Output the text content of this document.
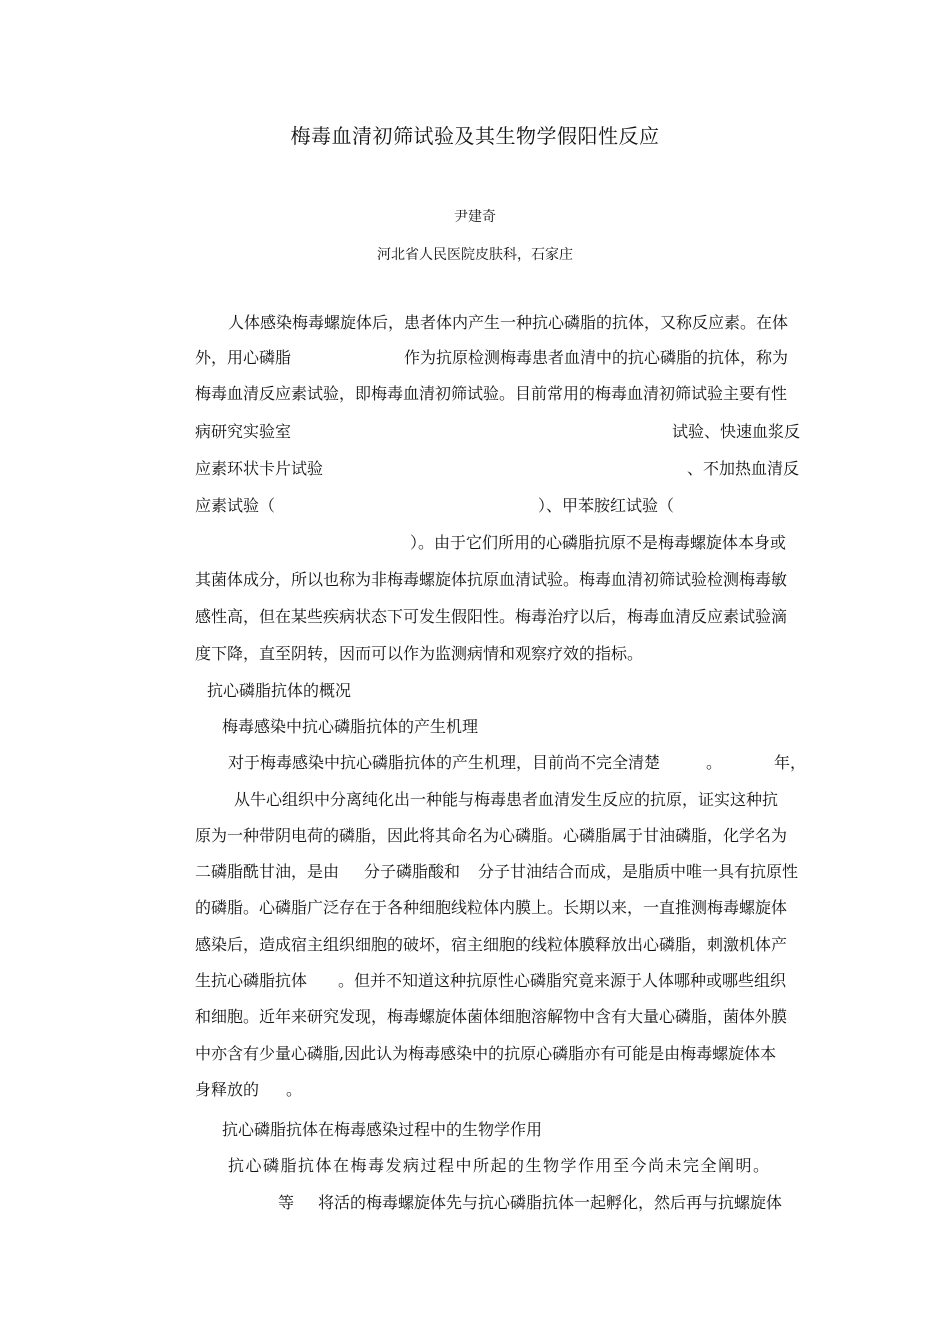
梅毒血清初筛试验及其生物学假阳性反应
尹建奇
河北省人民医院皮肤科，石家庄
人体感染梅毒螺旋体后，患者体内产生一种抗心磷脂的抗体，又称反应素。在体
外，用心磷脂	作为抗原检测梅毒患者血清中的抗心磷脂的抗体，称为
梅毒血清反应素试验，即梅毒血清初筛试验。目前常用的梅毒血清初筛试验主要有性
病研究实验室	试验、快速血浆反
应素环状卡片试验	、不加热血清反
应素试验（	）、甲苯胺红试验（
）。由于它们所用的心磷脂抗原不是梅毒螺旋体本身或
其菌体成分，所以也称为非梅毒螺旋体抗原血清试验。梅毒血清初筛试验检测梅毒敏
感性高，但在某些疾病状态下可发生假阳性。梅毒治疗以后，梅毒血清反应素试验滴
度下降，直至阴转，因而可以作为监测病情和观察疗效的指标。
抗心磷脂抗体的概况
梅毒感染中抗心磷脂抗体的产生机理
对于梅毒感染中抗心磷脂抗体的产生机理，目前尚不完全清楚	。	年，
从牛心组织中分离纯化出一种能与梅毒患者血清发生反应的抗原，证实这种抗
原为一种带阴电荷的磷脂，因此将其命名为心磷脂。心磷脂属于甘油磷脂，化学名为
二磷脂酰甘油，是由 分子磷脂酸和 分子甘油结合而成，是脂质中唯一具有抗原性
的磷脂。心磷脂广泛存在于各种细胞线粒体内膜上。长期以来，一直推测梅毒螺旋体
感染后，造成宿主组织细胞的破坏，宿主细胞的线粒体膜释放出心磷脂，刺激机体产
生抗心磷脂抗体 。但并不知道这种抗原性心磷脂究竟来源于人体哪种或哪些组织
和细胞。近年来研究发现，梅毒螺旋体菌体细胞溶解物中含有大量心磷脂，菌体外膜
中亦含有少量心磷脂,因此认为梅毒感染中的抗原心磷脂亦有可能是由梅毒螺旋体本
身释放的 。
抗心磷脂抗体在梅毒感染过程中的生物学作用
抗心磷脂抗体在梅毒发病过程中所起的生物学作用至今尚未完全阐明。
等 将活的梅毒螺旋体先与抗心磷脂抗体一起孵化，然后再与抗螺旋体
